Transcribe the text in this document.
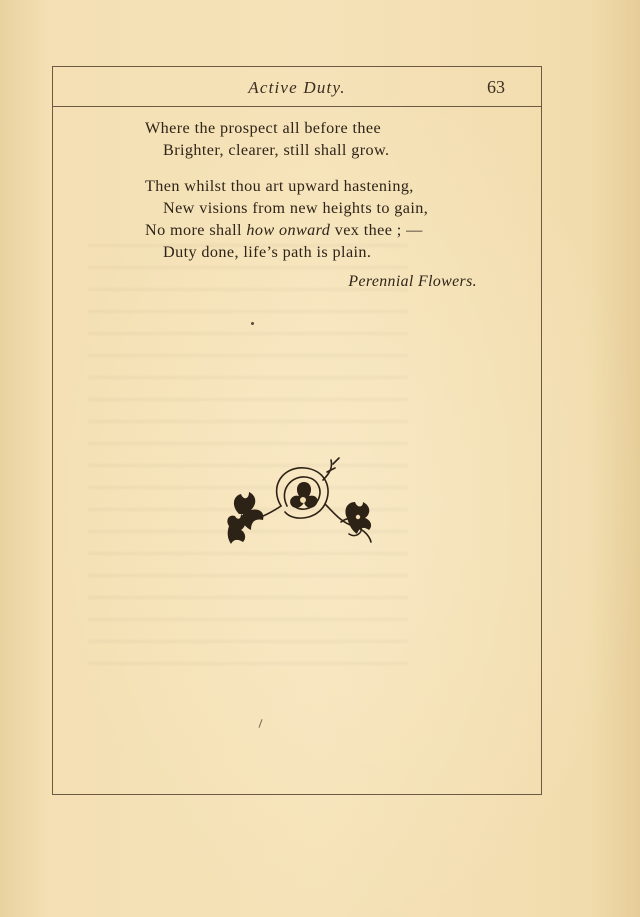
Active Duty.	63

Where the prospect all before thee
Brighter, clearer, still shall grow.

Then whilst thou art upward hastening,
New visions from new heights to gain,
No more shall how onward vex thee ; —
Duty done, life’s path is plain.

Perennial Flowers.
